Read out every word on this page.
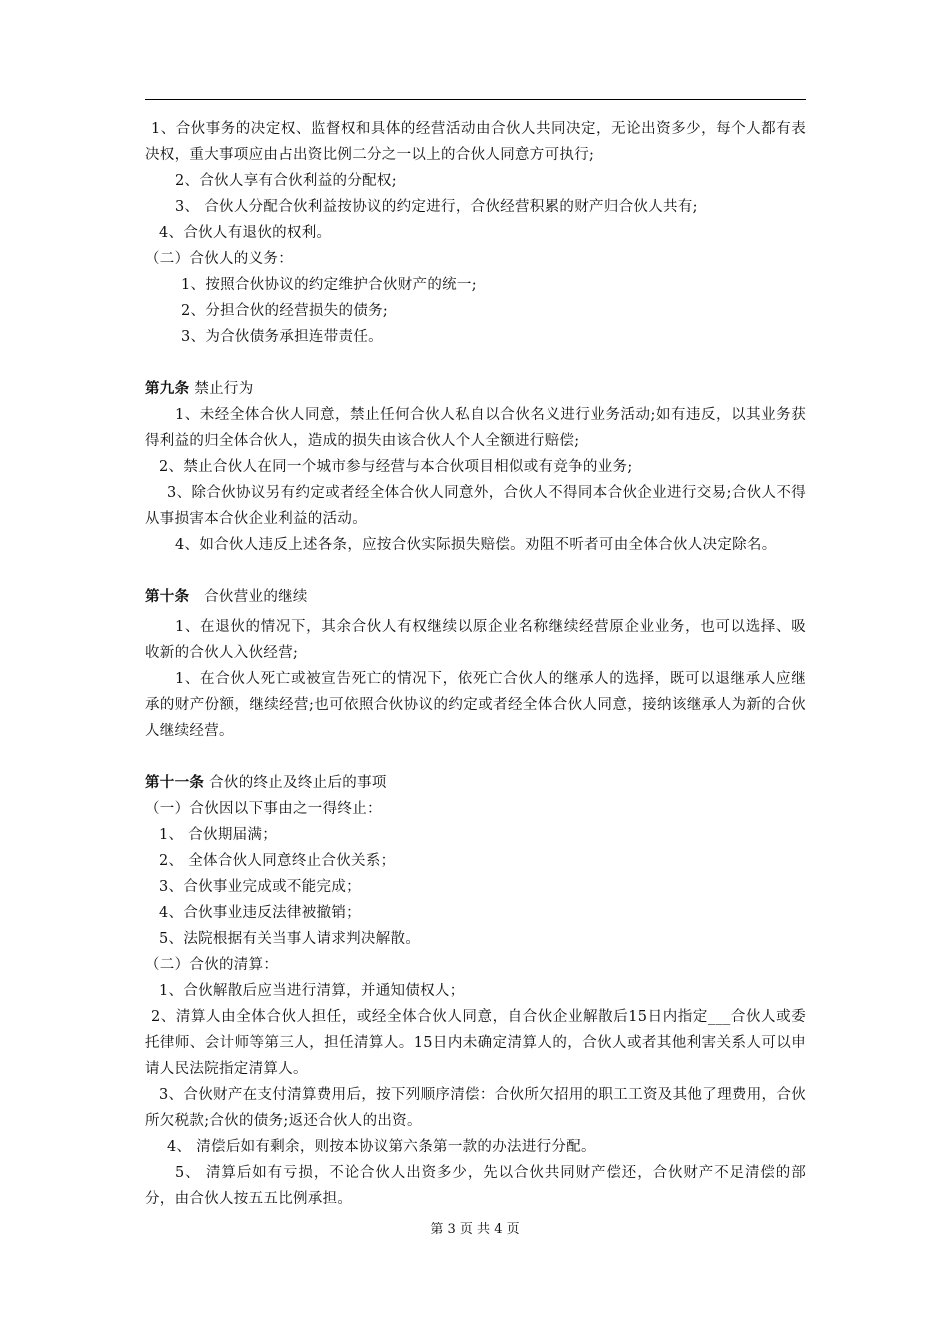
1、合伙事务的决定权、监督权和具体的经营活动由合伙人共同决定，无论出资多少，每个人都有表决权，重大事项应由占出资比例二分之一以上的合伙人同意方可执行;

2、合伙人享有合伙利益的分配权;

3、 合伙人分配合伙利益按协议的约定进行，合伙经营积累的财产归合伙人共有;

4、合伙人有退伙的权利。

（二）合伙人的义务：

1、按照合伙协议的约定维护合伙财产的统一;

2、分担合伙的经营损失的债务;

3、为合伙债务承担连带责任。

第九条 禁止行为

1、未经全体合伙人同意，禁止任何合伙人私自以合伙名义进行业务活动;如有违反，以其业务获得利益的归全体合伙人，造成的损失由该合伙人个人全额进行赔偿;

2、禁止合伙人在同一个城市参与经营与本合伙项目相似或有竞争的业务;

3、除合伙协议另有约定或者经全体合伙人同意外，合伙人不得同本合伙企业进行交易;合伙人不得从事损害本合伙企业利益的活动。

4、如合伙人违反上述各条，应按合伙实际损失赔偿。劝阻不听者可由全体合伙人决定除名。

第十条   合伙营业的继续

1、在退伙的情况下，其余合伙人有权继续以原企业名称继续经营原企业业务，也可以选择、吸收新的合伙人入伙经营;

1、在合伙人死亡或被宣告死亡的情况下，依死亡合伙人的继承人的选择，既可以退继承人应继承的财产份额，继续经营;也可依照合伙协议的约定或者经全体合伙人同意，接纳该继承人为新的合伙人继续经营。

第十一条 合伙的终止及终止后的事项

（一）合伙因以下事由之一得终止：

1、 合伙期届满；

2、 全体合伙人同意终止合伙关系；

3、合伙事业完成或不能完成；

4、合伙事业违反法律被撤销；

5、法院根据有关当事人请求判决解散。

（二）合伙的清算：

1、合伙解散后应当进行清算，并通知债权人；

2、清算人由全体合伙人担任，或经全体合伙人同意，自合伙企业解散后15日内指定___合伙人或委托律师、会计师等第三人，担任清算人。15日内未确定清算人的，合伙人或者其他利害关系人可以申请人民法院指定清算人。

3、合伙财产在支付清算费用后，按下列顺序清偿：合伙所欠招用的职工工资及其他了理费用，合伙所欠税款;合伙的债务;返还合伙人的出资。

4、 清偿后如有剩余，则按本协议第六条第一款的办法进行分配。

5、 清算后如有亏损，不论合伙人出资多少，先以合伙共同财产偿还，合伙财产不足清偿的部分，由合伙人按五五比例承担。

第 3 页 共 4 页
